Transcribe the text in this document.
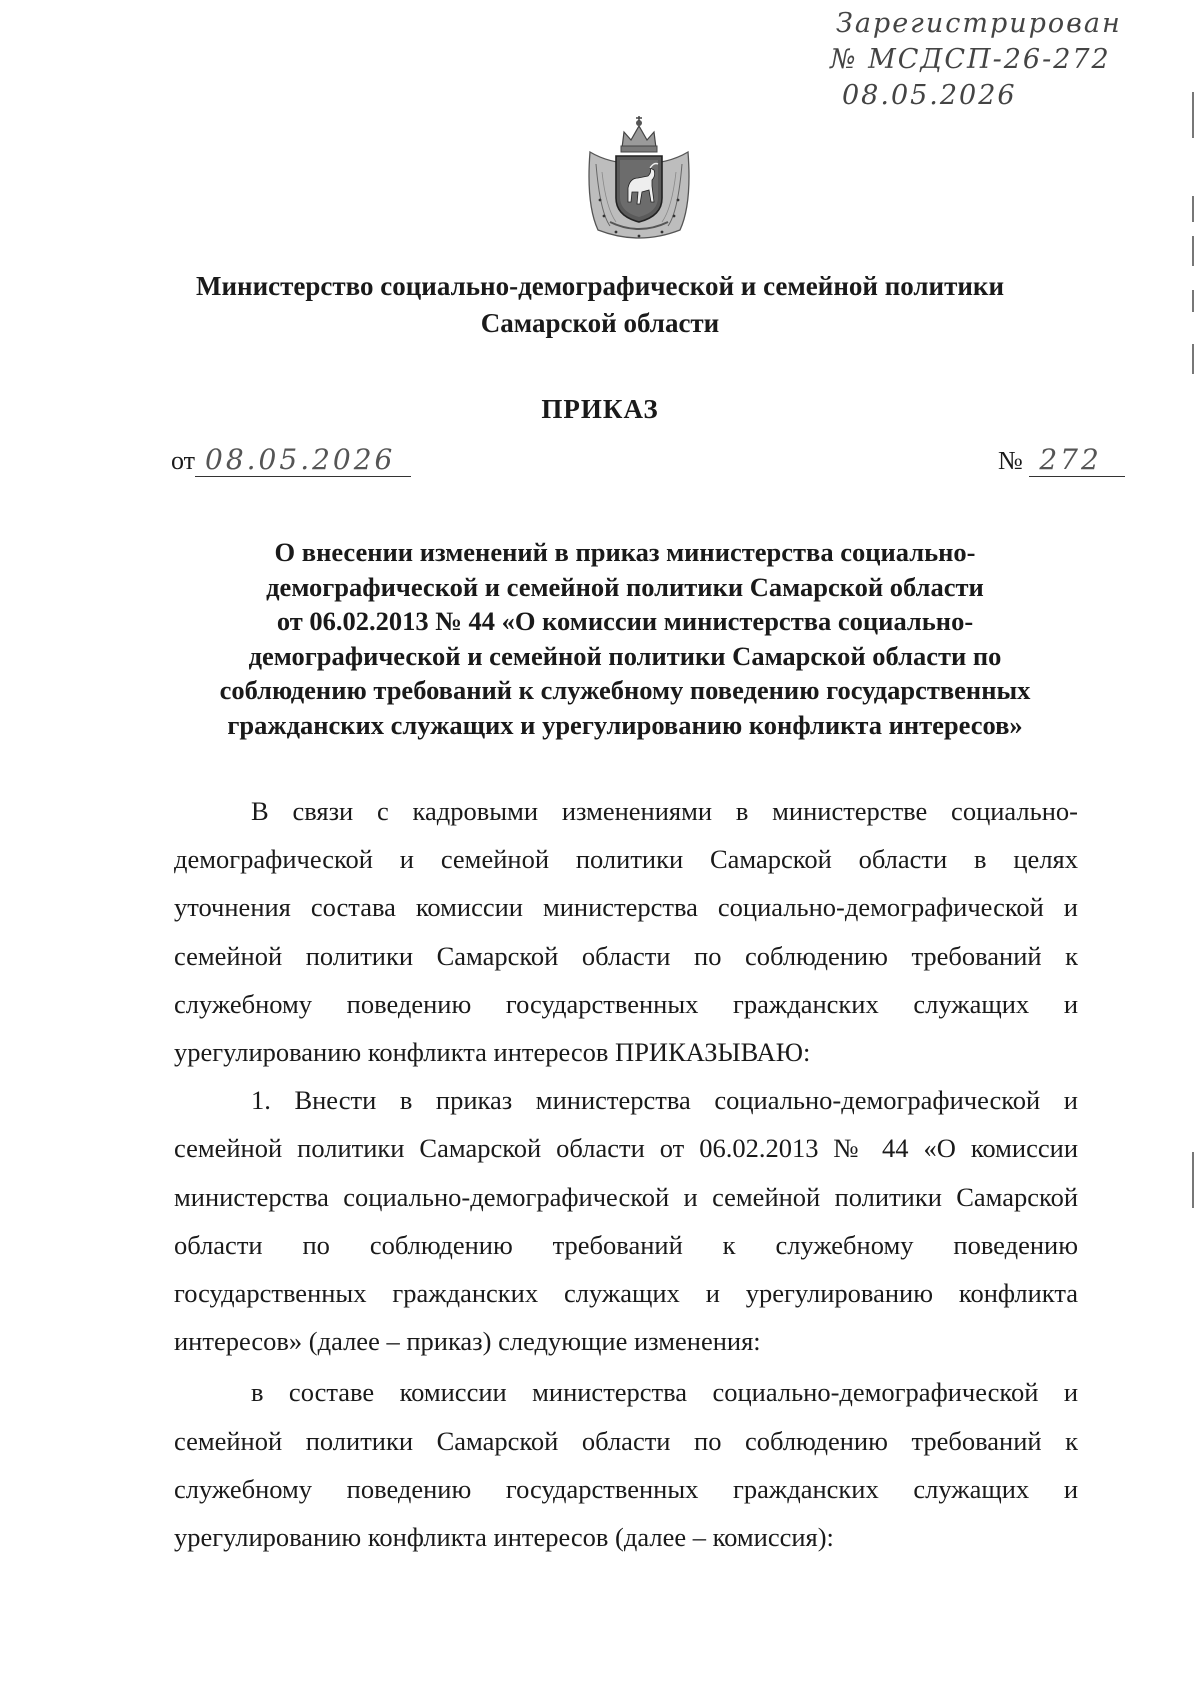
Зарегистрирован
№ МСДСП-26-272
08.05.2026
Министерство социально-демографической и семейной политики
Самарской области
ПРИКАЗ
от 08.05.2026	№ 272
О внесении изменений в приказ министерства социально-
демографической и семейной политики Самарской области
от 06.02.2013 № 44 «О комиссии министерства социально-
демографической и семейной политики Самарской области по
соблюдению требований к служебному поведению государственных
гражданских служащих и урегулированию конфликта интересов»

В связи с кадровыми изменениями в министерстве социально-
демографической и семейной политики Самарской области в целях
уточнения состава комиссии министерства социально-демографической и
семейной политики Самарской области по соблюдению требований к
служебному поведению государственных гражданских служащих и
урегулированию конфликта интересов ПРИКАЗЫВАЮ:

1. Внести в приказ министерства социально-демографической и
семейной политики Самарской области от 06.02.2013 № 44 «О комиссии
министерства социально-демографической и семейной политики Самарской
области по соблюдению требований к служебному поведению
государственных гражданских служащих и урегулированию конфликта
интересов» (далее – приказ) следующие изменения:

в составе комиссии министерства социально-демографической и
семейной политики Самарской области по соблюдению требований к
служебному поведению государственных гражданских служащих и
урегулированию конфликта интересов (далее – комиссия):
